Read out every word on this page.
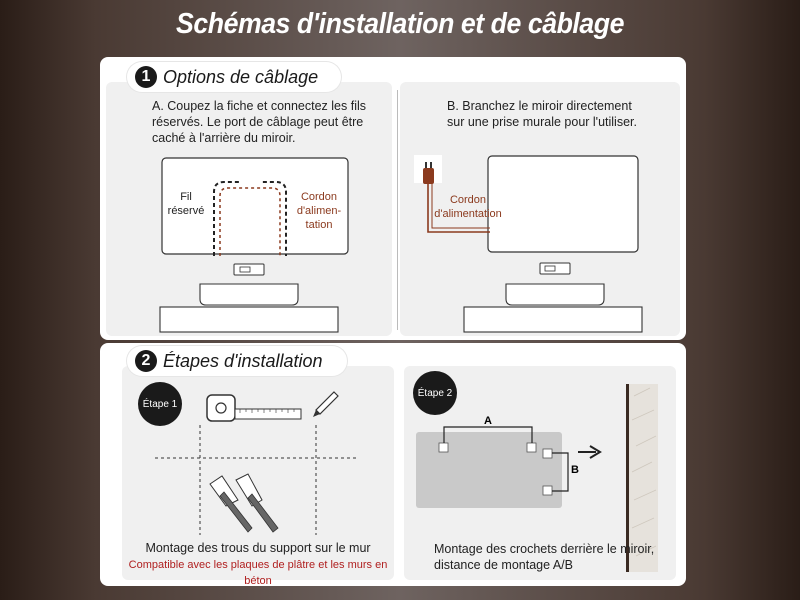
Schémas d'installation et de câblage
1 Options de câblage
A. Coupez la fiche et connectez les fils
réservés. Le port de câblage peut être
caché à l'arrière du miroir.
B. Branchez le miroir directement
sur une prise murale pour l'utiliser.
Fil
réservé
Cordon
d'alimen-
tation
Cordon
d'alimentation
2 Étapes d'installation
Étape 1
Étape 2
A
B
Montage des trous du support sur le mur
Compatible avec les plaques de plâtre et les murs en béton
Montage des crochets derrière le miroir,
distance de montage A/B
